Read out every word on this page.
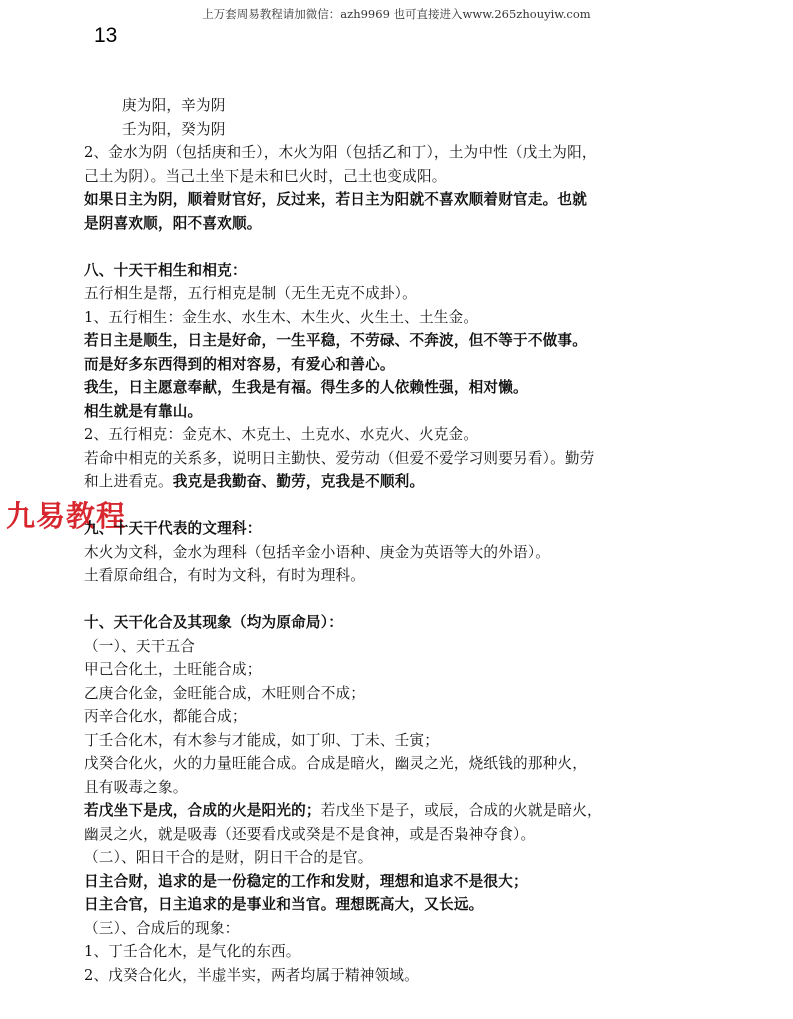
上万套周易教程请加微信：azh9969 也可直接进入www.265zhouyiw.com
13
九易教程
庚为阳，辛为阴
壬为阳，癸为阴
2、金水为阴（包括庚和壬），木火为阳（包括乙和丁），土为中性（戊土为阳，
己土为阴）。当己土坐下是未和巳火时，己土也变成阳。
如果日主为阴，顺着财官好，反过来，若日主为阳就不喜欢顺着财官走。也就
是阴喜欢顺，阳不喜欢顺。
八、十天干相生和相克：
五行相生是帮，五行相克是制（无生无克不成卦）。
1、五行相生：金生水、水生木、木生火、火生土、土生金。
若日主是顺生，日主是好命，一生平稳，不劳碌、不奔波，但不等于不做事。
而是好多东西得到的相对容易，有爱心和善心。
我生，日主愿意奉献，生我是有福。得生多的人依赖性强，相对懒。
相生就是有靠山。
2、五行相克：金克木、木克土、土克水、水克火、火克金。
若命中相克的关系多，说明日主勤快、爱劳动（但爱不爱学习则要另看）。勤劳
和上进看克。我克是我勤奋、勤劳，克我是不顺利。
九、十天干代表的文理科：
木火为文科，金水为理科（包括辛金小语种、庚金为英语等大的外语）。
土看原命组合，有时为文科，有时为理科。
十、天干化合及其现象（均为原命局）：
（一）、天干五合
甲己合化土，土旺能合成；
乙庚合化金，金旺能合成，木旺则合不成；
丙辛合化水，都能合成；
丁壬合化木，有木参与才能成，如丁卯、丁未、壬寅；
戊癸合化火，火的力量旺能合成。合成是暗火，幽灵之光，烧纸钱的那种火，
且有吸毒之象。
若戊坐下是戌，合成的火是阳光的；若戊坐下是子，或辰，合成的火就是暗火，
幽灵之火，就是吸毒（还要看戊或癸是不是食神，或是否枭神夺食）。
（二）、阳日干合的是财，阴日干合的是官。
日主合财，追求的是一份稳定的工作和发财，理想和追求不是很大；
日主合官，日主追求的是事业和当官。理想既高大，又长远。
（三）、合成后的现象：
1、丁壬合化木，是气化的东西。
2、戊癸合化火，半虚半实，两者均属于精神领域。
